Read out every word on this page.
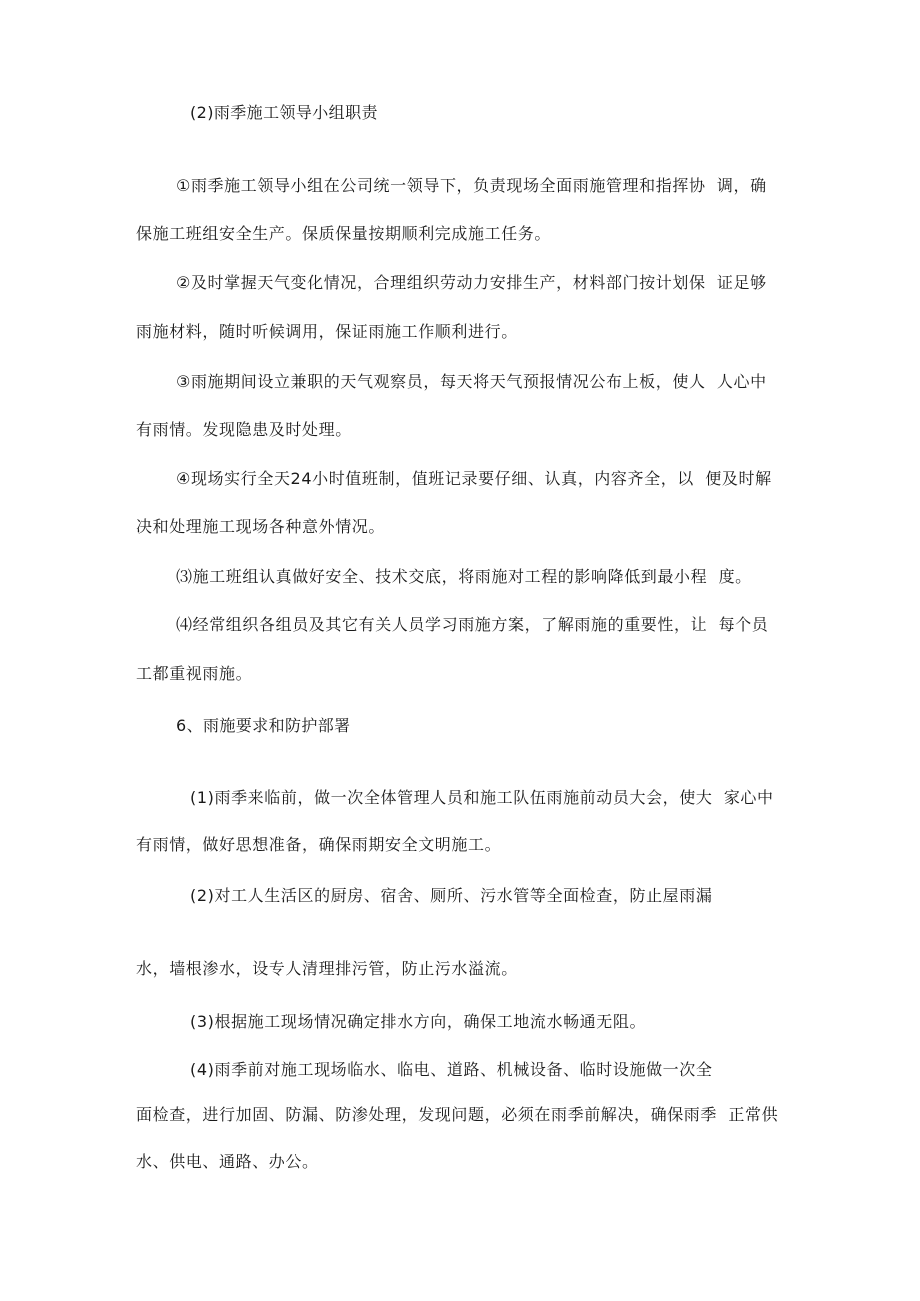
(2)雨季施工领导小组职责
①雨季施工领导小组在公司统一领导下，负责现场全面雨施管理和指挥协  调，确
保施工班组安全生产。保质保量按期顺利完成施工任务。
②及时掌握天气变化情况，合理组织劳动力安排生产，材料部门按计划保  证足够
雨施材料，随时听候调用，保证雨施工作顺利进行。
③雨施期间设立兼职的天气观察员，每天将天气预报情况公布上板，使人  人心中
有雨情。发现隐患及时处理。
④现场实行全天24小时值班制，值班记录要仔细、认真，内容齐全，以  便及时解
决和处理施工现场各种意外情况。
⑶施工班组认真做好安全、技术交底，将雨施对工程的影响降低到最小程  度。
⑷经常组织各组员及其它有关人员学习雨施方案，了解雨施的重要性，让  每个员
工都重视雨施。
6、雨施要求和防护部署
(1)雨季来临前，做一次全体管理人员和施工队伍雨施前动员大会，使大  家心中
有雨情，做好思想准备，确保雨期安全文明施工。
(2)对工人生活区的厨房、宿舍、厕所、污水管等全面检查，防止屋雨漏
水，墙根渗水，设专人清理排污管，防止污水溢流。
(3)根据施工现场情况确定排水方向，确保工地流水畅通无阻。
(4)雨季前对施工现场临水、临电、道路、机械设备、临时设施做一次全
面检查，进行加固、防漏、防渗处理，发现问题，必须在雨季前解决，确保雨季  正常供
水、供电、通路、办公。
